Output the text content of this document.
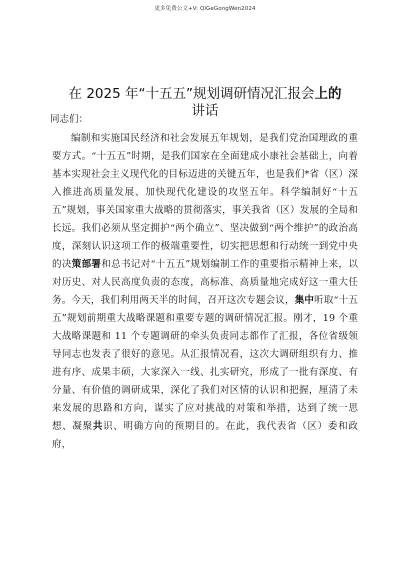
更多免费公文+V: QiGeGongWen2024
在 2025 年“十五五”规划调研情况汇报会上的
讲话
同志们：

编制和实施国民经济和社会发展五年规划，是我们党治国理政的重要方式。“十五五”时期，是我们国家在全面建成小康社会基础上，向着基本实现社会主义现代化的目标迈进的关键五年，也是我们*省（区）深入推进高质量发展、加快现代化建设的攻坚五年。科学编制好“十五五”规划，事关国家重大战略的贯彻落实，事关我省（区）发展的全局和长远。我们必须从坚定拥护“两个确立”、坚决做到“两个维护”的政治高度，深刻认识这项工作的极端重要性，切实把思想和行动统一到党中央的决策部署和总书记对“十五五”规划编制工作的重要指示精神上来，以对历史、对人民高度负责的态度，高标准、高质量地完成好这一重大任务。今天，我们利用两天半的时间，召开这次专题会议，集中听取“十五五”规划前期重大战略课题和重要专题的调研情况汇报。刚才，19 个重大战略课题和 11 个专题调研的牵头负责同志都作了汇报，各位省级领导同志也发表了很好的意见。从汇报情况看，这次大调研组织有力、推进有序、成果丰硕，大家深入一线、扎实研究，形成了一批有深度、有分量、有价值的调研成果，深化了我们对区情的认识和把握，厘清了未来发展的思路和方向，谋实了应对挑战的对策和举措，达到了统一思想、凝聚共识、明确方向的预期目的。在此，我代表省（区）委和政府，
